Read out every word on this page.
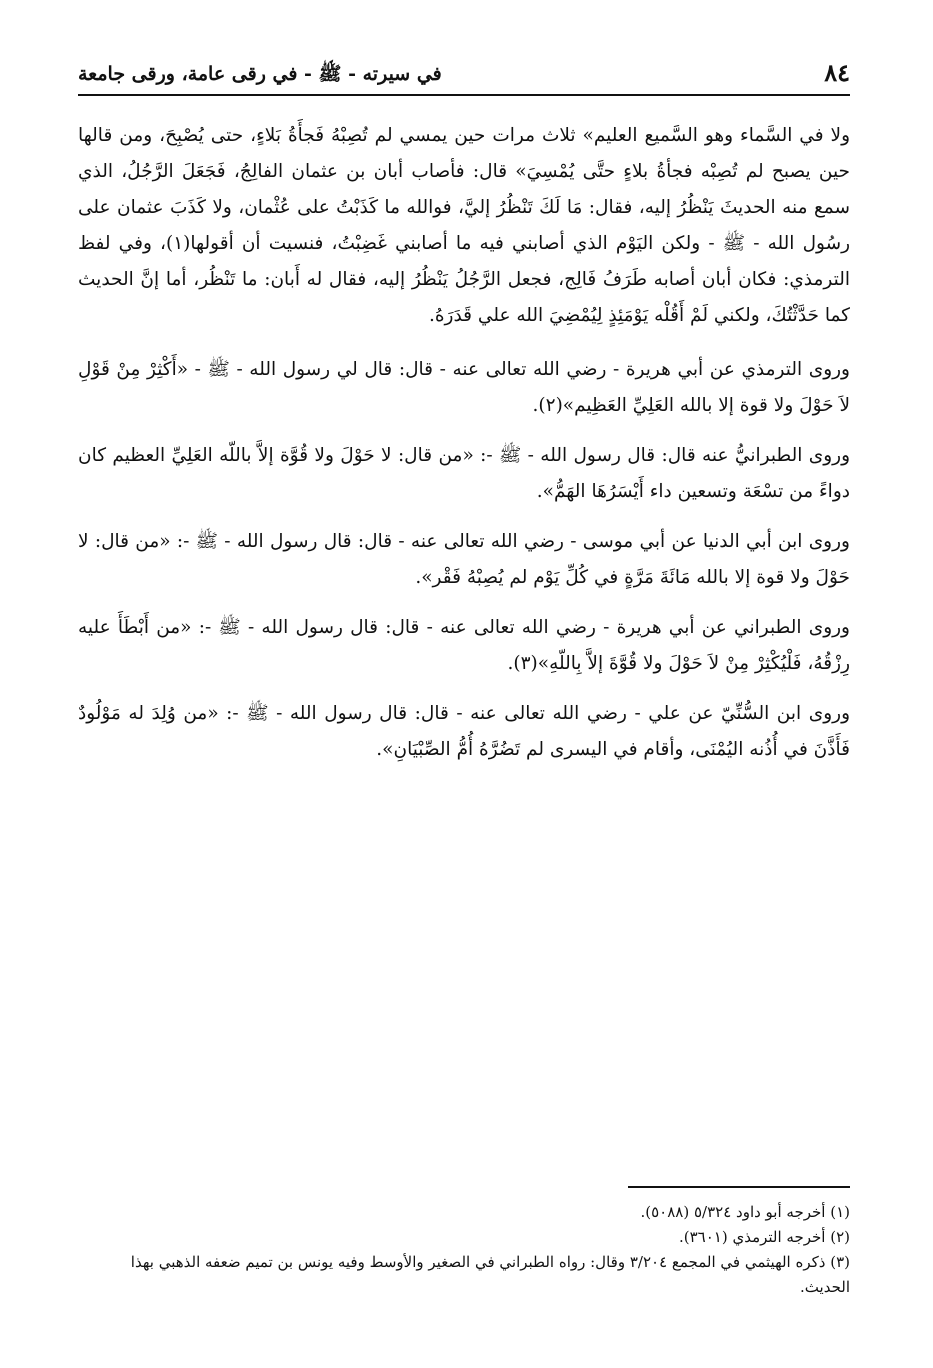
٨٤
في سيرته - ﷺ - في رقى عامة، ورقى جامعة

ولا في السَّماء وهو السَّميع العليم» ثلاث مرات حين يمسي لم تُصِبْهُ فَجأَةُ بَلاءٍ، حتى يُصْبِحَ، ومن قالها حين يصبح لم تُصِبْه فجأةُ بلاءٍ حتَّى يُمْسِيَ» قال: فأصاب أبان بن عثمان الفالِجُ، فَجَعَلَ الرَّجُلُ، الذي سمع منه الحديثَ يَنْظُرُ إليه، فقال: مَا لَكَ تَنْظُرُ إليَّ، فوالله ما كَذَبْتُ على عُثْمان، ولا كَذَبَ عثمان على رسُول الله - ﷺ - ولكن اليَوْم الذي أصابني فيه ما أصابني غَضِبْتُ، فنسيت أن أقولها(١)، وفي لفظ الترمذي: فكان أبان أصابه طَرَفُ فَالِج، فجعل الرَّجُلُ يَنْظُرُ إليه، فقال له أَبان: ما تَنْظُر، أما إنَّ الحديث كما حَدَّثْتُكَ، ولكني لَمْ أَقُلْه يَوْمَئِذٍ لِيُمْضِيَ الله علي قَدَرَهُ.

وروى الترمذي عن أبي هريرة - رضي الله تعالى عنه - قال: قال لي رسول الله - ﷺ - «أَكْثِرْ مِنْ قَوْلِ لاَ حَوْلَ ولا قوة إلا بالله العَلِيِّ العَظِيم»(٢).

وروى الطبرانيُّ عنه قال: قال رسول الله - ﷺ -: «من قال: لا حَوْلَ ولا قُوَّة إلاَّ باللّه العَلِيِّ العظيم كان دواءً من تسْعَة وتسعين داء أَيْسَرُهَا الهَمُّ».

وروى ابن أبي الدنيا عن أبي موسى - رضي الله تعالى عنه - قال: قال رسول الله - ﷺ -: «من قال: لا حَوْلَ ولا قوة إلا بالله مَائَةَ مَرَّةٍ في كُلِّ يَوْم لم يُصِبْهُ فَقْر».

وروى الطبراني عن أبي هريرة - رضي الله تعالى عنه - قال: قال رسول الله - ﷺ -: «من أَبْطَأَ عليه رِزْقُهُ، فَلْيُكْثِرْ مِنْ لاَ حَوْلَ ولا قُوَّةَ إلاَّ بِاللّهِ»(٣).

وروى ابن السُّنِّيّ عن علي - رضي الله تعالى عنه - قال: قال رسول الله - ﷺ -: «من وُلِدَ له مَوْلُودٌ فَأَذَّنَ في أُذُنه اليُمْنَى، وأقام في اليسرى لم تَضُرَّهُ أُمُّ الصِّبْيَانِ».

(١) أخرجه أبو داود ٥/٣٢٤ (٥٠٨٨).

(٢) أخرجه الترمذي (٣٦٠١).

(٣) ذكره الهيثمي في المجمع ٣/٢٠٤ وقال: رواه الطبراني في الصغير والأوسط وفيه يونس بن تميم ضعفه الذهبي بهذا الحديث.
